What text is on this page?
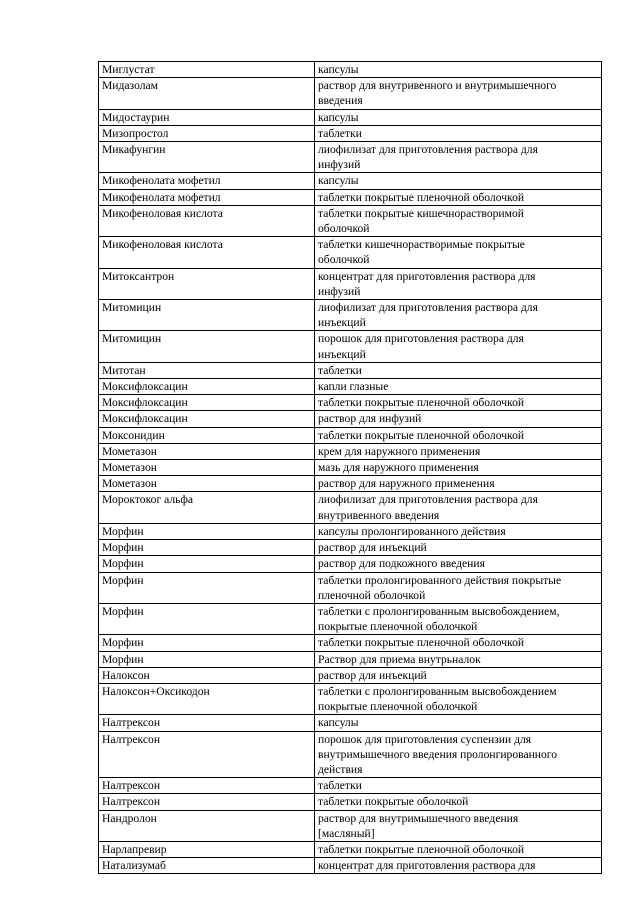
Миглустат	капсулы
Мидазолам	раствор для внутривенного и внутримышечного
введения
Мидостаурин	капсулы
Мизопростол	таблетки
Микафунгин	лиофилизат для приготовления раствора для
инфузий
Микофенолата мофетил	капсулы
Микофенолата мофетил	таблетки покрытые пленочной оболочкой
Микофеноловая кислота	таблетки покрытые кишечнорастворимой
оболочкой
Микофеноловая кислота	таблетки кишечнорастворимые покрытые
оболочкой
Митоксантрон	концентрат для приготовления раствора для
инфузий
Митомицин	лиофилизат для приготовления раствора для
инъекций
Митомицин	порошок для приготовления раствора для
инъекций
Митотан	таблетки
Моксифлоксацин	капли глазные
Моксифлоксацин	таблетки покрытые пленочной оболочкой
Моксифлоксацин	раствор для инфузий
Моксонидин	таблетки покрытые пленочной оболочкой
Мометазон	крем для наружного применения
Мометазон	мазь для наружного применения
Мометазон	раствор для наружного применения
Мороктоког альфа	лиофилизат для приготовления раствора для
внутривенного введения
Морфин	капсулы пролонгированного действия
Морфин	раствор для инъекций
Морфин	раствор для подкожного введения
Морфин	таблетки пролонгированного действия покрытые
пленочной оболочкой
Морфин	таблетки с пролонгированным высвобождением,
покрытые пленочной оболочкой
Морфин	таблетки покрытые пленочной оболочкой
Морфин	Раствор для приема внутрьналок
Налоксон	раствор для инъекций
Налоксон+Оксикодон	таблетки с пролонгированным высвобождением
покрытые пленочной оболочкой
Налтрексон	капсулы
Налтрексон	порошок для приготовления суспензии для
внутримышечного введения пролонгированного
действия
Налтрексон	таблетки
Налтрексон	таблетки покрытые оболочкой
Нандролон	раствор для внутримышечного введения
[масляный]
Нарлапревир	таблетки покрытые пленочной оболочкой
Натализумаб	концентрат для приготовления раствора для
